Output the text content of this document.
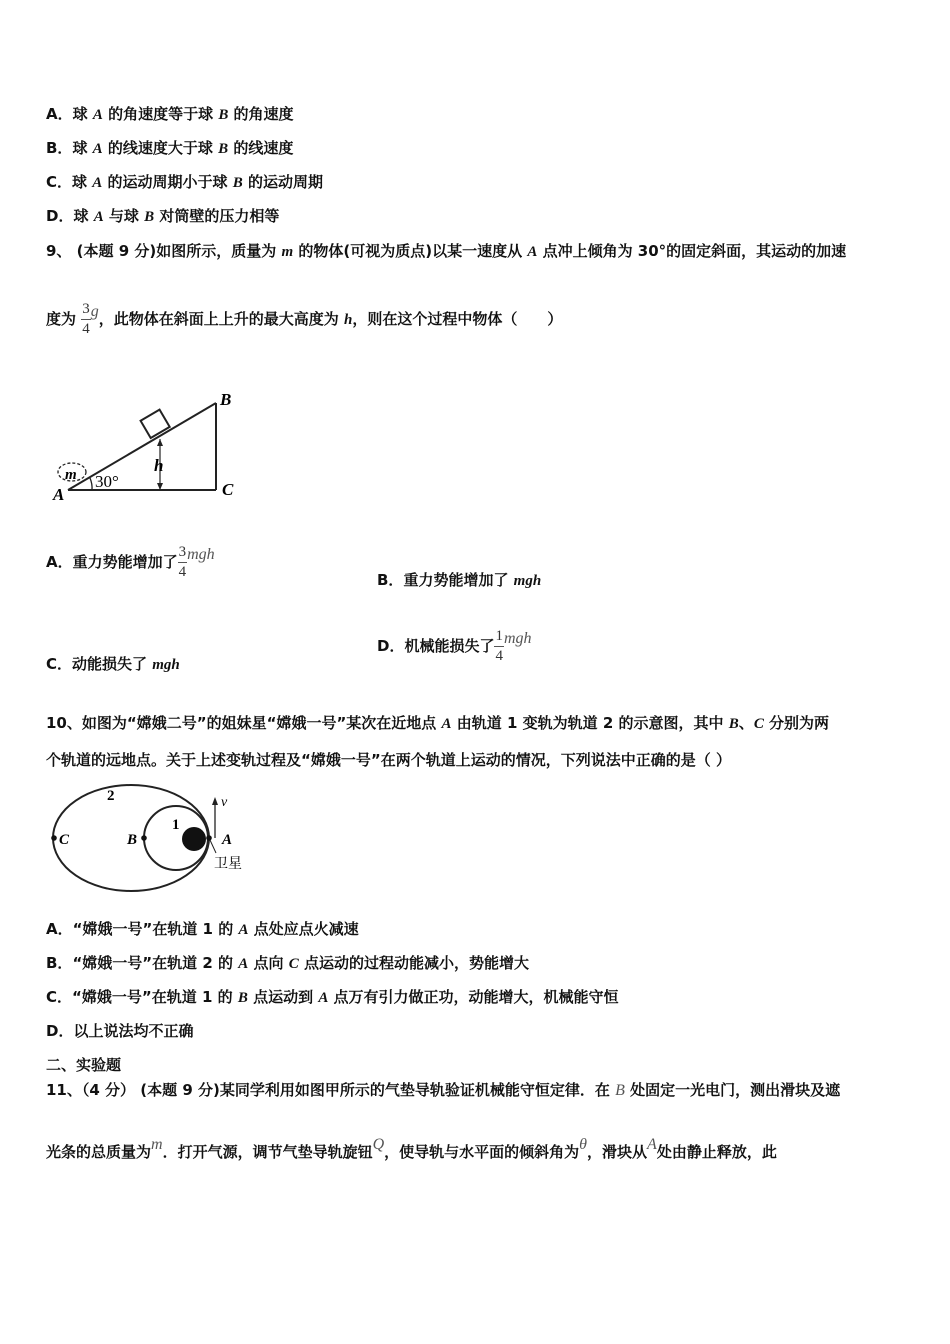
A．球 A 的角速度等于球 B 的角速度
B．球 A 的线速度大于球 B 的线速度
C．球 A 的运动周期小于球 B 的运动周期
D．球 A 与球 B 对筒壁的压力相等
9、 (本题 9 分)如图所示，质量为 m 的物体(可视为质点)以某一速度从 A 点冲上倾角为 30°的固定斜面，其运动的加速
度为 $\frac{3}{4}$ g，此物体在斜面上上升的最大高度为 h，则在这个过程中物体（　　）
m
A
30°
h
B
C
A．重力势能增加了 $\frac{3}{4}$ mgh
B．重力势能增加了 mgh
C．动能损失了 mgh
D．机械能损失了 $\frac{1}{4}$ mgh
10、如图为“嫦娥二号”的姐妹星“嫦娥一号”某次在近地点 A 由轨道 1 变轨为轨道 2 的示意图，其中 B、C 分别为两
个轨道的远地点。关于上述变轨过程及“嫦娥一号”在两个轨道上运动的情况，下列说法中正确的是（ ）
v
2
1
C	B	A
卫星
A．“嫦娥一号”在轨道 1 的 A 点处应点火减速
B．“嫦娥一号”在轨道 2 的 A 点向 C 点运动的过程动能减小，势能增大
C．“嫦娥一号”在轨道 1 的 B 点运动到 A 点万有引力做正功，动能增大，机械能守恒
D．以上说法均不正确
二、实验题
11、（4 分） (本题 9 分)某同学利用如图甲所示的气垫导轨验证机械能守恒定律．在 B 处固定一光电门，测出滑块及遮
光条的总质量为m．打开气源，调节气垫导轨旋钮Q，使导轨与水平面的倾斜角为θ，滑块从A处由静止释放，此
